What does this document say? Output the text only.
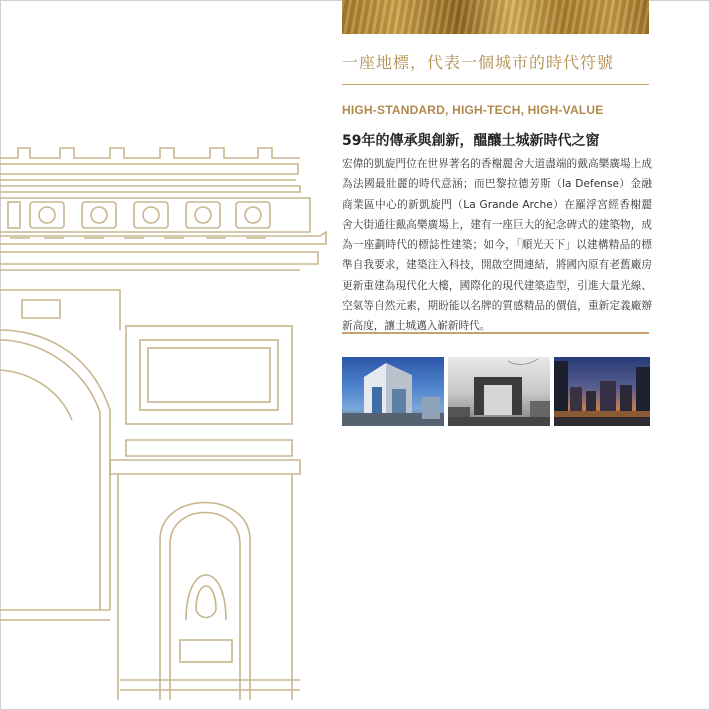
一座地標，代表一個城市的時代符號
HIGH-STANDARD, HIGH-TECH, HIGH-VALUE
59年的傳承與創新，醞釀土城新時代之窗
宏偉的凱旋門位在世界著名的香榭麗舍大道盡端的戴高樂廣場上成為法國最壯麗的時代意涵；而巴黎拉德芳斯（la Defense）金融商業區中心的新凱旋門（La Grande Arche）在羅浮宮經香榭麗舍大街通往戴高樂廣場上，建有一座巨大的紀念碑式的建築物，成為一座劃時代的標誌性建築；如今，「順光天下」以建構精品的標準自我要求，建築注入科技，開啟空間連結，將國內原有老舊廠房更新重建為現代化大樓，國際化的現代建築造型，引進大量光線、空氣等自然元素，期盼能以名牌的質感精品的價值，重新定義廠辦新高度，讓土城邁入嶄新時代。
